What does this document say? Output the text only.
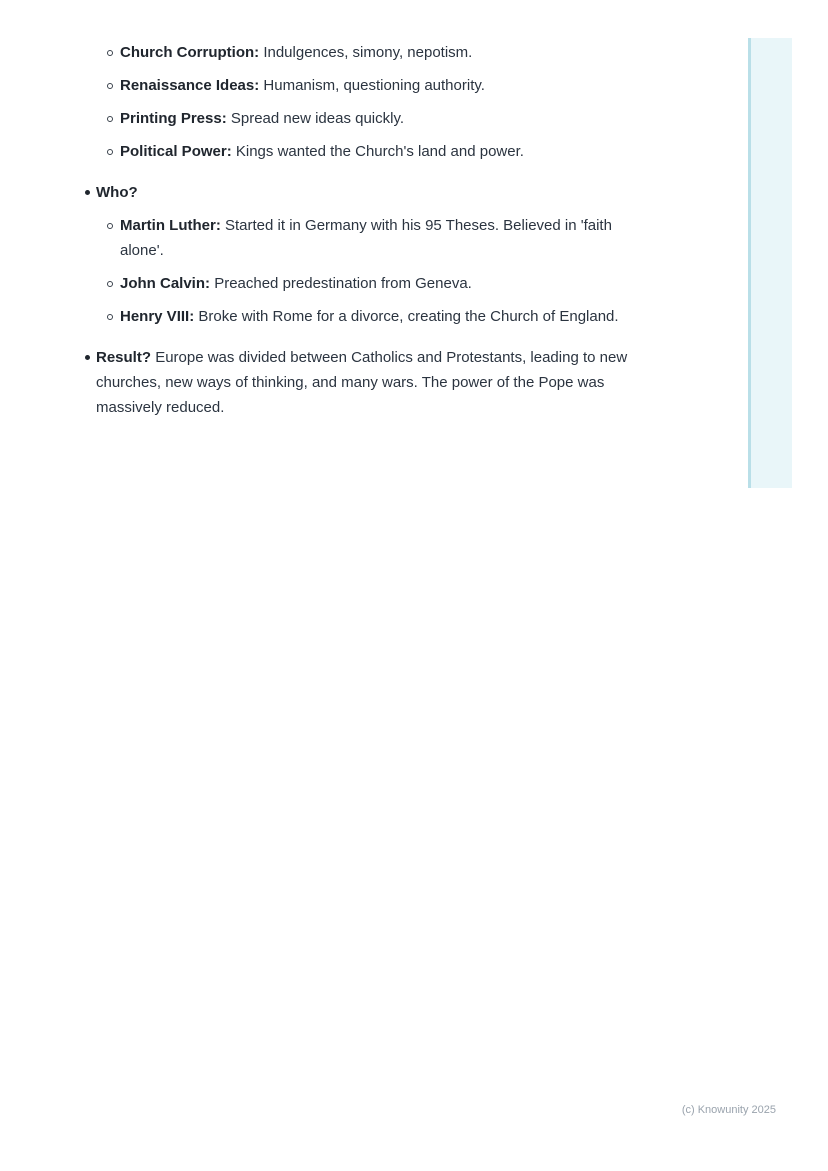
Church Corruption: Indulgences, simony, nepotism.
Renaissance Ideas: Humanism, questioning authority.
Printing Press: Spread new ideas quickly.
Political Power: Kings wanted the Church's land and power.
Who?
Martin Luther: Started it in Germany with his 95 Theses. Believed in 'faith alone'.
John Calvin: Preached predestination from Geneva.
Henry VIII: Broke with Rome for a divorce, creating the Church of England.
Result? Europe was divided between Catholics and Protestants, leading to new churches, new ways of thinking, and many wars. The power of the Pope was massively reduced.
(c) Knowunity 2025
